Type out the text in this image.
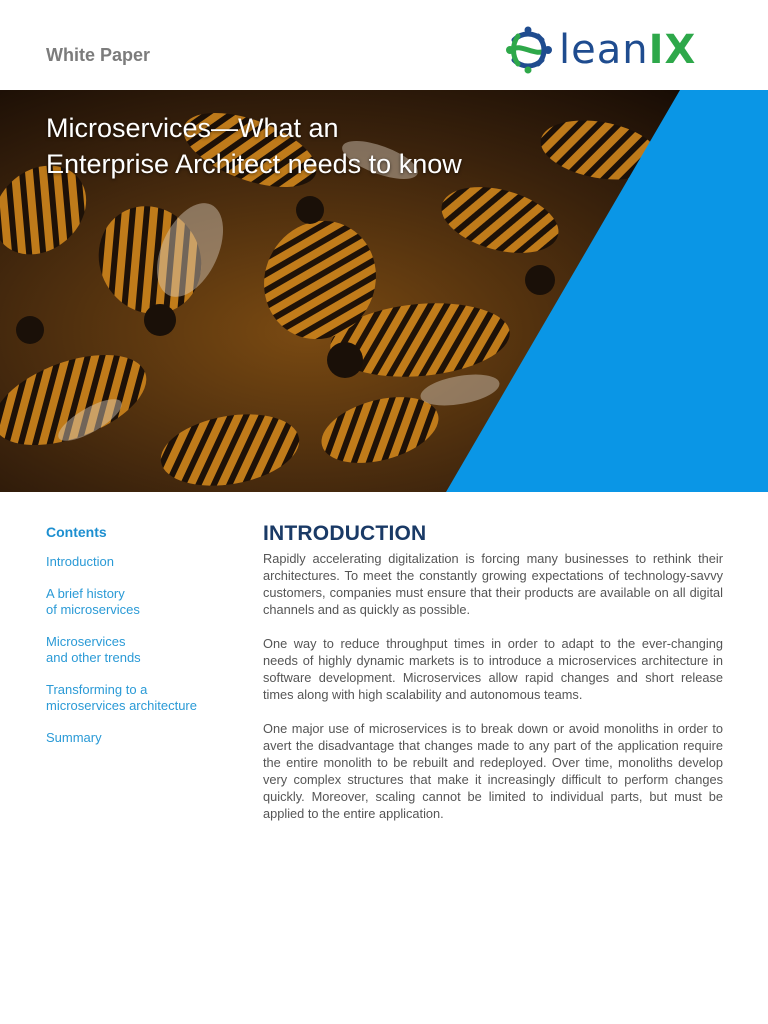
White Paper	leanIX
Microservices—What an
Enterprise Architect needs to know
Contents
Introduction
A brief history
of microservices
Microservices
and other trends
Transforming to a
microservices architecture
Summary
INTRODUCTION

Rapidly accelerating digitalization is forcing many businesses to rethink their architectures. To meet the constantly growing expectations of technology-savvy customers, companies must ensure that their products are available on all digital channels and as quickly as possible.

One way to reduce throughput times in order to adapt to the ever-changing needs of highly dynamic markets is to introduce a microservices architecture in software development. Microservices allow rapid changes and short release times along with high scalability and autonomous teams.

One major use of microservices is to break down or avoid monoliths in order to avert the disadvantage that changes made to any part of the application require the entire monolith to be rebuilt and redeployed. Over time, monoliths develop very complex structures that make it increasingly difficult to perform changes quickly. Moreover, scaling cannot be limited to individual parts, but must be applied to the entire application.
